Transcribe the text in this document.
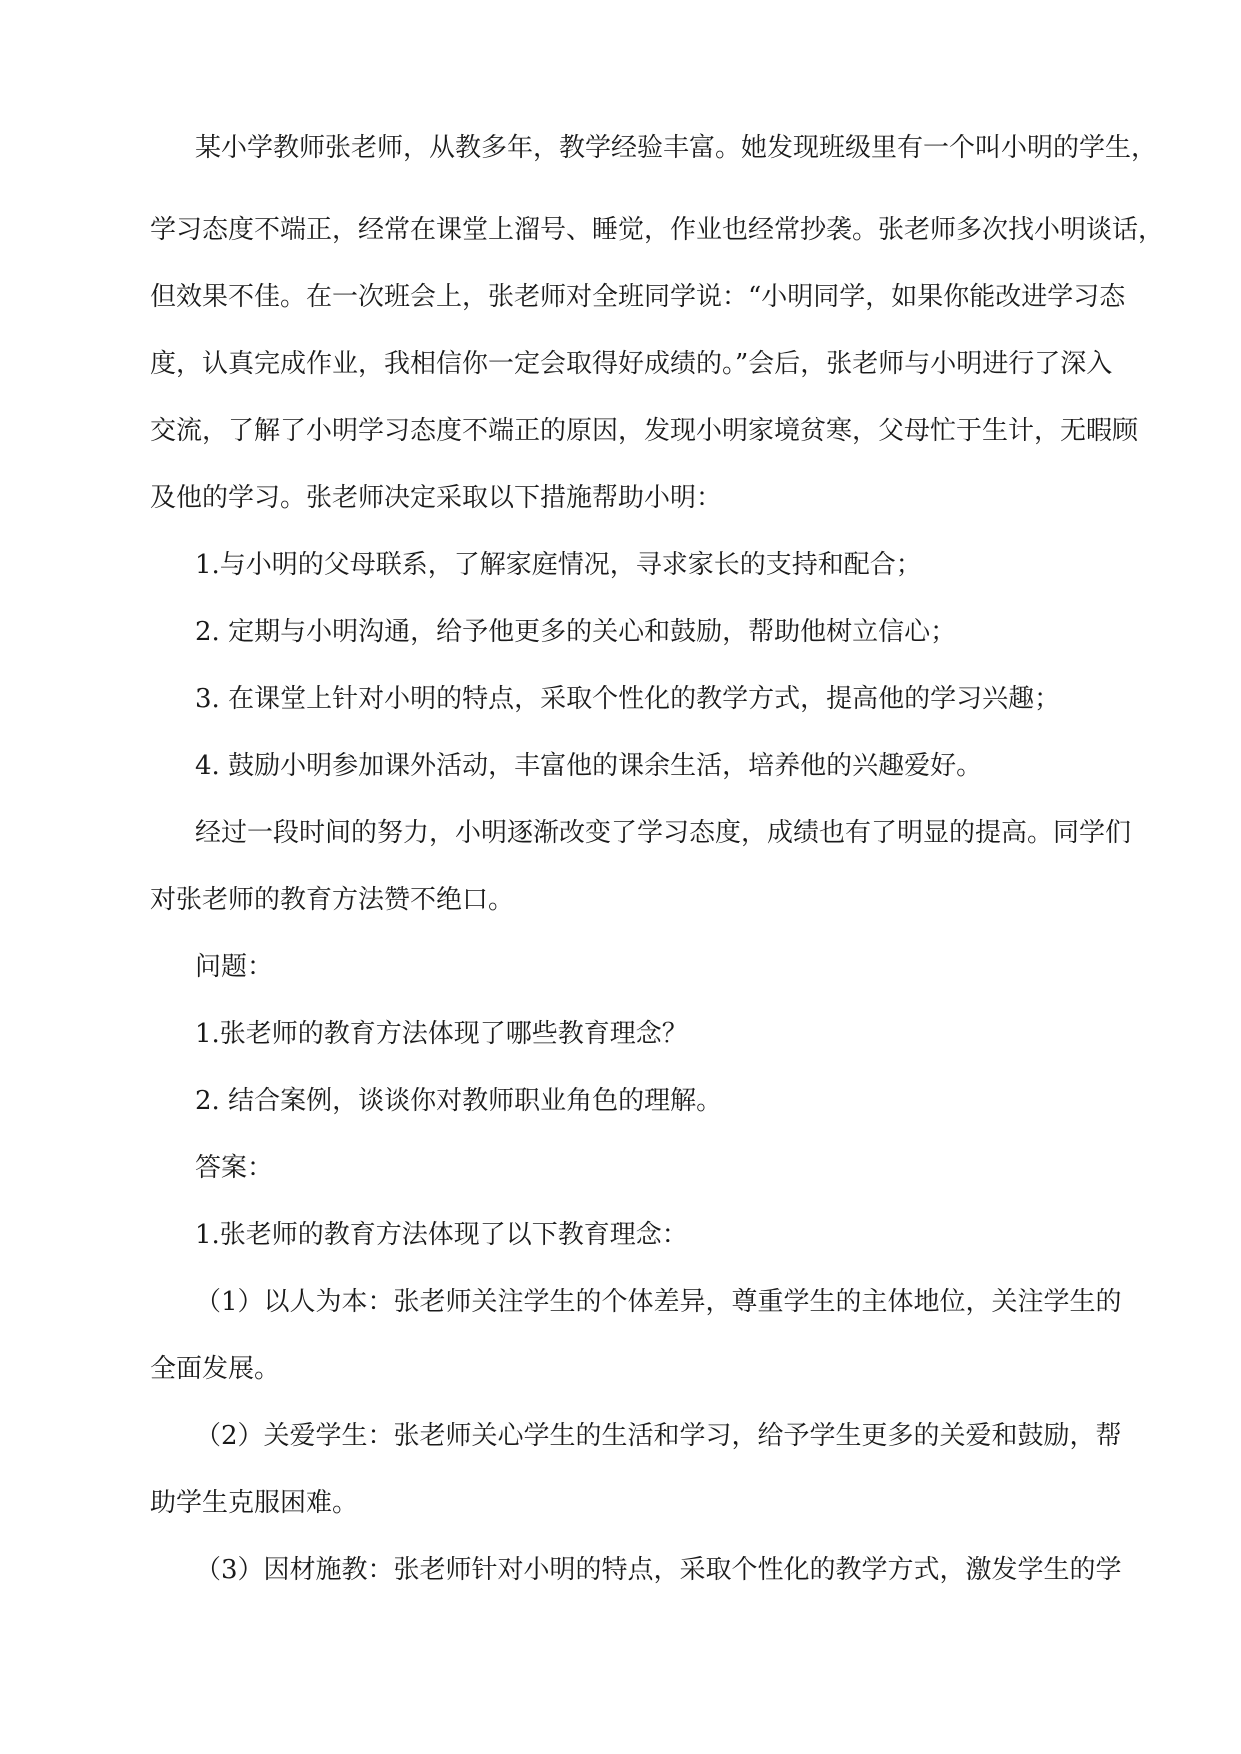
某小学教师张老师，从教多年，教学经验丰富。她发现班级里有一个叫小明的学生，
学习态度不端正，经常在课堂上溜号、睡觉，作业也经常抄袭。张老师多次找小明谈话，
但效果不佳。在一次班会上，张老师对全班同学说：“小明同学，如果你能改进学习态
度，认真完成作业，我相信你一定会取得好成绩的。”会后，张老师与小明进行了深入
交流，了解了小明学习态度不端正的原因，发现小明家境贫寒，父母忙于生计，无暇顾
及他的学习。张老师决定采取以下措施帮助小明：
1.与小明的父母联系，了解家庭情况，寻求家长的支持和配合；
2. 定期与小明沟通，给予他更多的关心和鼓励，帮助他树立信心；
3. 在课堂上针对小明的特点，采取个性化的教学方式，提高他的学习兴趣；
4. 鼓励小明参加课外活动，丰富他的课余生活，培养他的兴趣爱好。
经过一段时间的努力，小明逐渐改变了学习态度，成绩也有了明显的提高。同学们
对张老师的教育方法赞不绝口。
问题：
1.张老师的教育方法体现了哪些教育理念？
2. 结合案例，谈谈你对教师职业角色的理解。
答案：
1.张老师的教育方法体现了以下教育理念：
（1）以人为本：张老师关注学生的个体差异，尊重学生的主体地位，关注学生的
全面发展。
（2）关爱学生：张老师关心学生的生活和学习，给予学生更多的关爱和鼓励，帮
助学生克服困难。
（3）因材施教：张老师针对小明的特点，采取个性化的教学方式，激发学生的学
